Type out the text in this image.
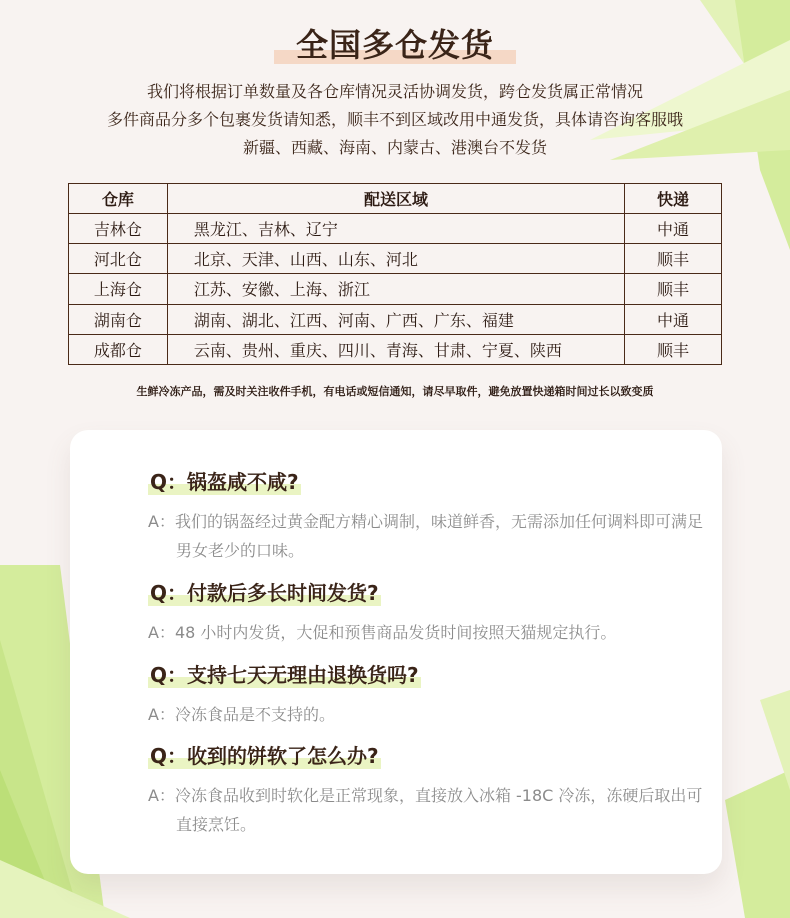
全国多仓发货

我们将根据订单数量及各仓库情况灵活协调发货，跨仓发货属正常情况

多件商品分多个包裹发货请知悉，顺丰不到区域改用中通发货，具体请咨询客服哦

新疆、西藏、海南、内蒙古、港澳台不发货

仓库	配送区域	快递
吉林仓	黑龙江、吉林、辽宁	中通
河北仓	北京、天津、山西、山东、河北	顺丰
上海仓	江苏、安徽、上海、浙江	顺丰
湖南仓	湖南、湖北、江西、河南、广西、广东、福建	中通
成都仓	云南、贵州、重庆、四川、青海、甘肃、宁夏、陕西	顺丰
生鲜冷冻产品，需及时关注收件手机，有电话或短信通知，请尽早取件，避免放置快递箱时间过长以致变质
Q：锅盔咸不咸?
A：我们的锅盔经过黄金配方精心调制，味道鲜香，无需添加任何调料即可满足男女老少的口味。
Q：付款后多长时间发货?
A：48 小时内发货，大促和预售商品发货时间按照天猫规定执行。
Q：支持七天无理由退换货吗?
A：冷冻食品是不支持的。
Q：收到的饼软了怎么办?
A：冷冻食品收到时软化是正常现象，直接放入冰箱 -18C 冷冻，冻硬后取出可直接烹饪。
